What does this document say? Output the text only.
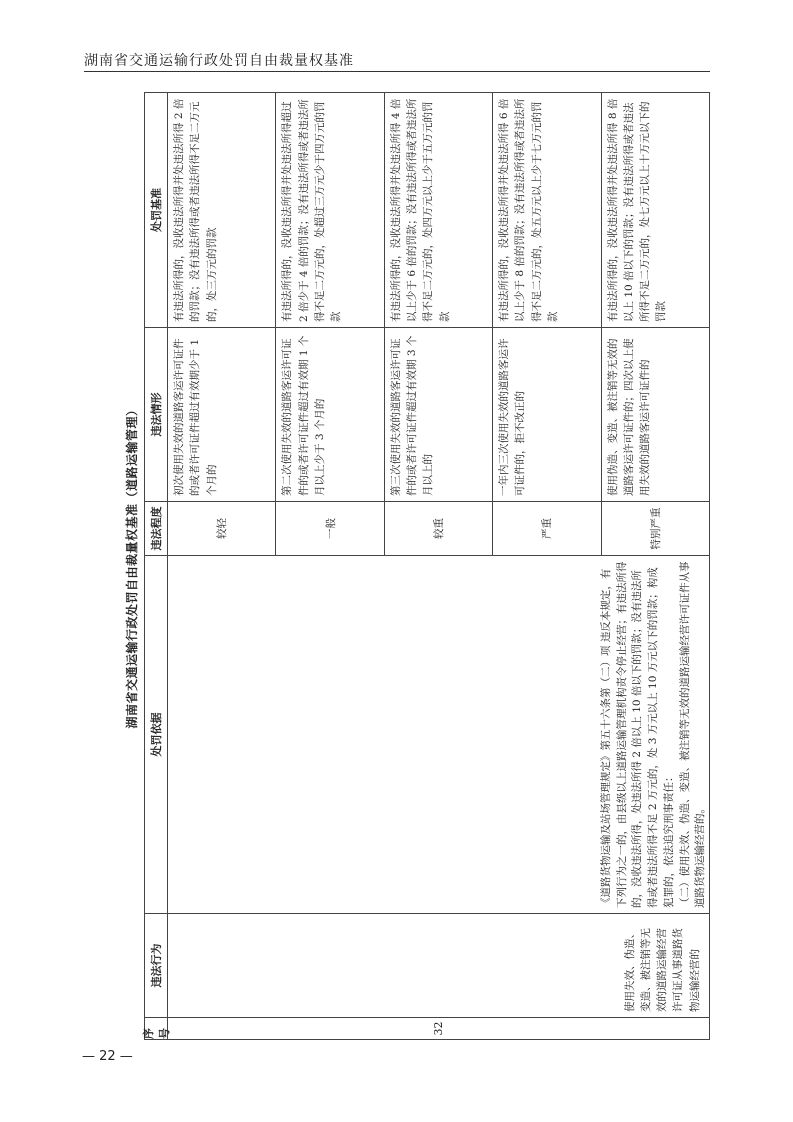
湖南省交通运输行政处罚自由裁量权基准
— 22 —
湖南省交通运输行政处罚自由裁量权基准（道路运输管理）
序号
违法行为
处罚依据
违法程度
违法情形
处罚基准
32
使用失效、伪造、变造、被注销等无效的道路运输经营许可证从事道路货物运输经营的
《道路货物运输及站场管理规定》第五十六条第（二）项 违反本规定，有下列行为之一的，由县级以上道路运输管理机构责令停止经营；有违法所得的，没收违法所得，处违法所得 2 倍以上 10 倍以下的罚款；没有违法所得或者违法所得不足 2 万元的，处 3 万元以上 10 万元以下的罚款；构成犯罪的，依法追究刑事责任：
（二）使用失效、伪造、变造、被注销等无效的道路运输经营许可证件从事道路货物运输经营的。
较轻
初次使用失效的道路客运许可证件的或者许可证件超过有效期少于 1 个月的
有违法所得的，没收违法所得并处违法所得 2 倍的罚款；没有违法所得或者违法所得不足二万元的，处三万元的罚款
一般
第二次使用失效的道路客运许可证件的或者许可证件超过有效期 1 个月以上少于 3 个月的
有违法所得的，没收违法所得并处违法所得超过 2 倍少于 4 倍的罚款；没有违法所得或者违法所得不足二万元的，处超过三万元少于四万元的罚款
较重
第三次使用失效的道路客运许可证件的或者许可证件超过有效期 3 个月以上的
有违法所得的，没收违法所得并处违法所得 4 倍以上少于 6 倍的罚款；没有违法所得或者违法所得不足二万元的，处四万元以上少于五万元的罚款
严重
一年内三次使用失效的道路客运许可证件的，拒不改正的
有违法所得的，没收违法所得并处违法所得 6 倍以上少于 8 倍的罚款；没有违法所得或者违法所得不足二万元的，处五万元以上少于七万元的罚款
特别严重
使用伪造、变造、被注销等无效的道路客运许可证件的；四次以上使用失效的道路客运许可证件的
有违法所得的，没收违法所得并处违法所得 8 倍以上 10 倍以下的罚款；没有违法所得或者违法所得不足二万元的，处七万元以上十万元以下的罚款
